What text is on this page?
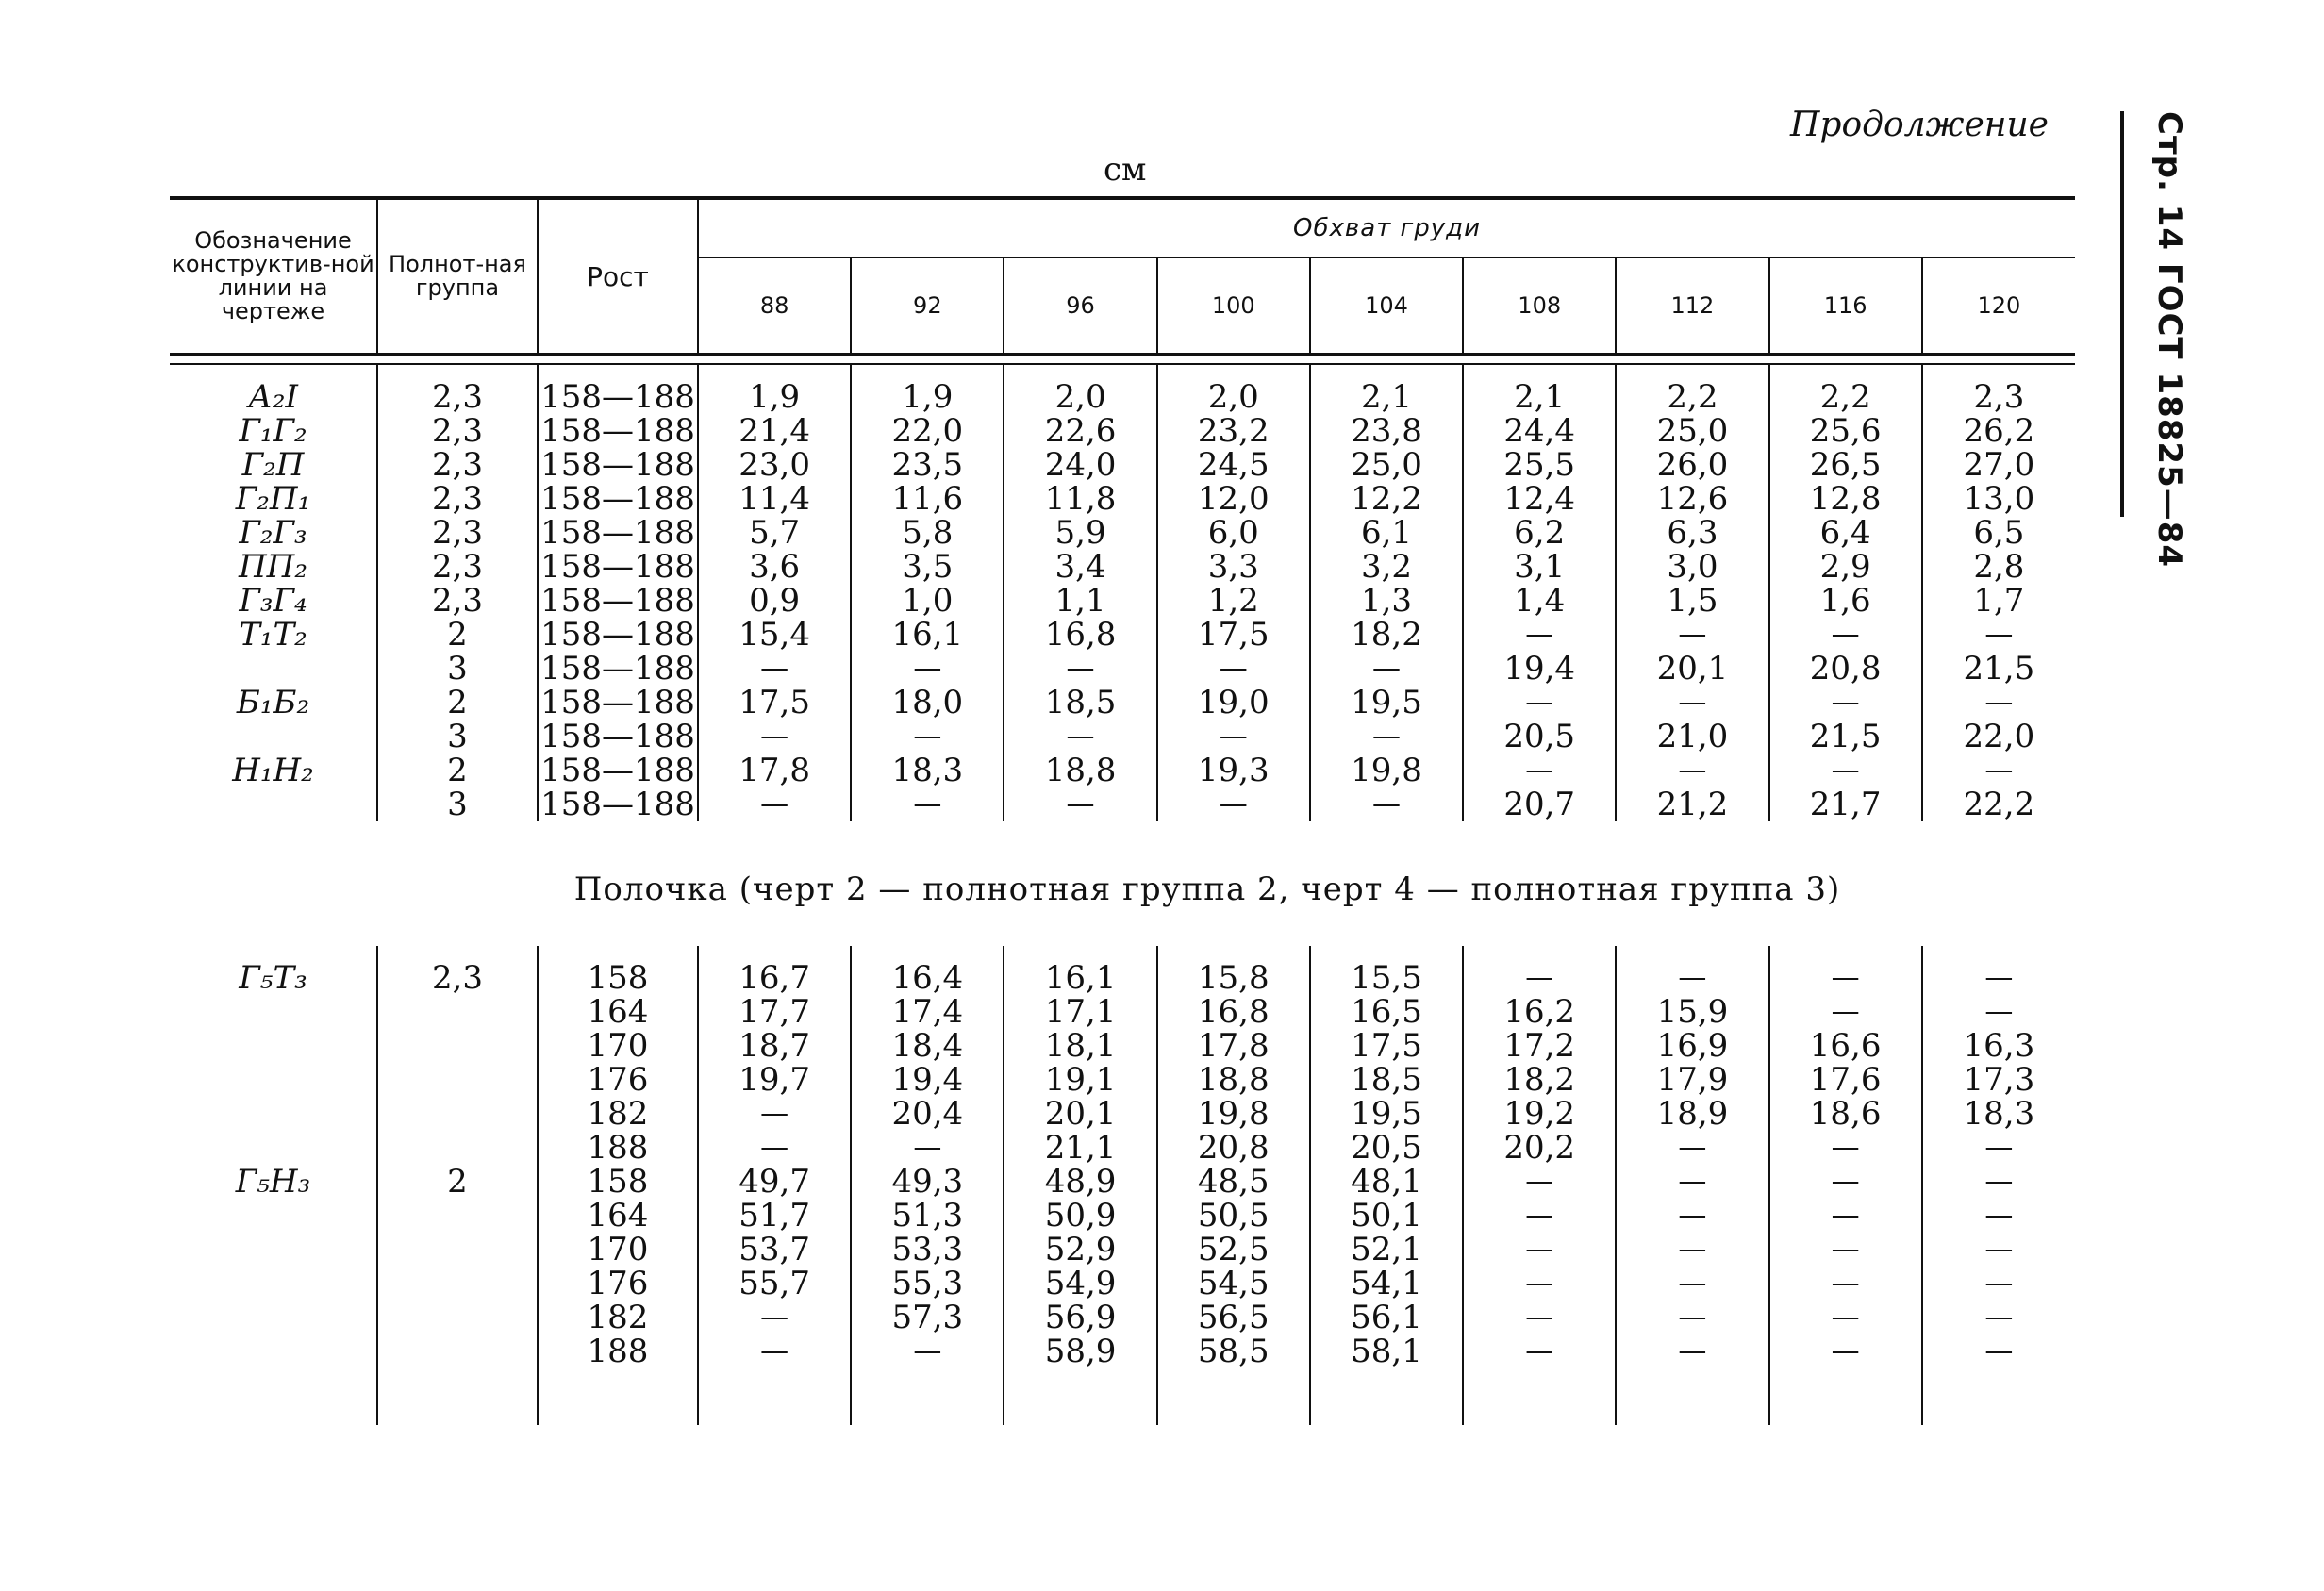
Стр. 14 ГОСТ 18825—84
Продолжение
см
Обозначение конструктив-ной линии на чертеже	Полнот-ная группа	Рост	Обхват груди								
			88	92	96	100	104	108	112	116	120

А₂I	2,3	158—188	1,9	1,9	2,0	2,0	2,1	2,1	2,2	2,2	2,3
Г₁Г₂	2,3	158—188	21,4	22,0	22,6	23,2	23,8	24,4	25,0	25,6	26,2
Г₂П	2,3	158—188	23,0	23,5	24,0	24,5	25,0	25,5	26,0	26,5	27,0
Г₂П₁	2,3	158—188	11,4	11,6	11,8	12,0	12,2	12,4	12,6	12,8	13,0
Г₂Г₃	2,3	158—188	5,7	5,8	5,9	6,0	6,1	6,2	6,3	6,4	6,5
ПП₂	2,3	158—188	3,6	3,5	3,4	3,3	3,2	3,1	3,0	2,9	2,8
Г₃Г₄	2,3	158—188	0,9	1,0	1,1	1,2	1,3	1,4	1,5	1,6	1,7
Т₁Т₂	2	158—188	15,4	16,1	16,8	17,5	18,2	—	—	—	—
	3	158—188	—	—	—	—	—	19,4	20,1	20,8	21,5
Б₁Б₂	2	158—188	17,5	18,0	18,5	19,0	19,5	—	—	—	—
	3	158—188	—	—	—	—	—	20,5	21,0	21,5	22,0
Н₁Н₂	2	158—188	17,8	18,3	18,8	19,3	19,8	—	—	—	—
	3	158—188	—	—	—	—	—	20,7	21,2	21,7	22,2
Полочка (черт 2 — полнотная группа 2, черт 4 — полнотная группа 3)

Г₅Т₃	2,3	158	16,7	16,4	16,1	15,8	15,5	—	—	—	—
		164	17,7	17,4	17,1	16,8	16,5	16,2	15,9	—	—
		170	18,7	18,4	18,1	17,8	17,5	17,2	16,9	16,6	16,3
		176	19,7	19,4	19,1	18,8	18,5	18,2	17,9	17,6	17,3
		182	—	20,4	20,1	19,8	19,5	19,2	18,9	18,6	18,3
		188	—	—	21,1	20,8	20,5	20,2	—	—	—
Г₅Н₃	2	158	49,7	49,3	48,9	48,5	48,1	—	—	—	—
		164	51,7	51,3	50,9	50,5	50,1	—	—	—	—
		170	53,7	53,3	52,9	52,5	52,1	—	—	—	—
		176	55,7	55,3	54,9	54,5	54,1	—	—	—	—
		182	—	57,3	56,9	56,5	56,1	—	—	—	—
		188	—	—	58,9	58,5	58,1	—	—	—	—
